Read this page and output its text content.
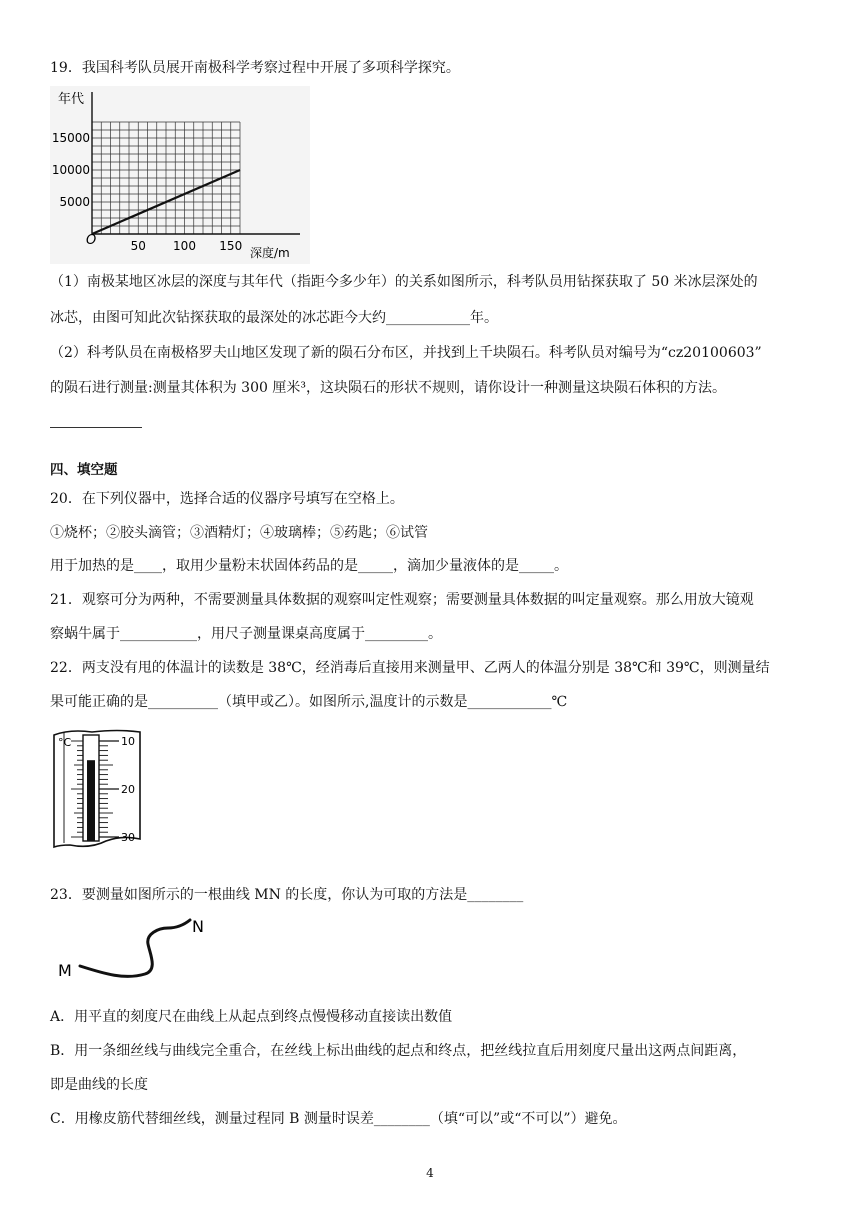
19．我国科考队员展开南极科学考察过程中开展了多项科学探究。
年代
深度/m
O	50 100 150
5000
10000
15000
（1）南极某地区冰层的深度与其年代（指距今多少年）的关系如图所示，科考队员用钻探获取了 50 米冰层深处的
冰芯，由图可知此次钻探获取的最深处的冰芯距今大约____________年。
（2）科考队员在南极格罗夫山地区发现了新的陨石分布区，并找到上千块陨石。科考队员对编号为“cz20100603”
的陨石进行测量:测量其体积为 300 厘米³，这块陨石的形状不规则，请你设计一种测量这块陨石体积的方法。
四、填空题
20．在下列仪器中，选择合适的仪器序号填写在空格上。
①烧杯；②胶头滴管；③酒精灯；④玻璃棒；⑤药匙；⑥试管
用于加热的是____，取用少量粉末状固体药品的是_____，滴加少量液体的是_____。
21．观察可分为两种，不需要测量具体数据的观察叫定性观察；需要测量具体数据的叫定量观察。那么用放大镜观
察蜗牛属于___________，用尺子测量课桌高度属于_________。
22．两支没有甩的体温计的读数是 38℃，经消毒后直接用来测量甲、乙两人的体温分别是 38℃和 39℃，则测量结
果可能正确的是__________（填甲或乙）。如图所示,温度计的示数是____________℃
°C	10
20
30
23．要测量如图所示的一根曲线 MN 的长度，你认为可取的方法是________
M
N
A．用平直的刻度尺在曲线上从起点到终点慢慢移动直接读出数值
B．用一条细丝线与曲线完全重合，在丝线上标出曲线的起点和终点，把丝线拉直后用刻度尺量出这两点间距离，
即是曲线的长度
C．用橡皮筋代替细丝线，测量过程同 B 测量时误差________（填“可以”或“不可以”）避免。
4
